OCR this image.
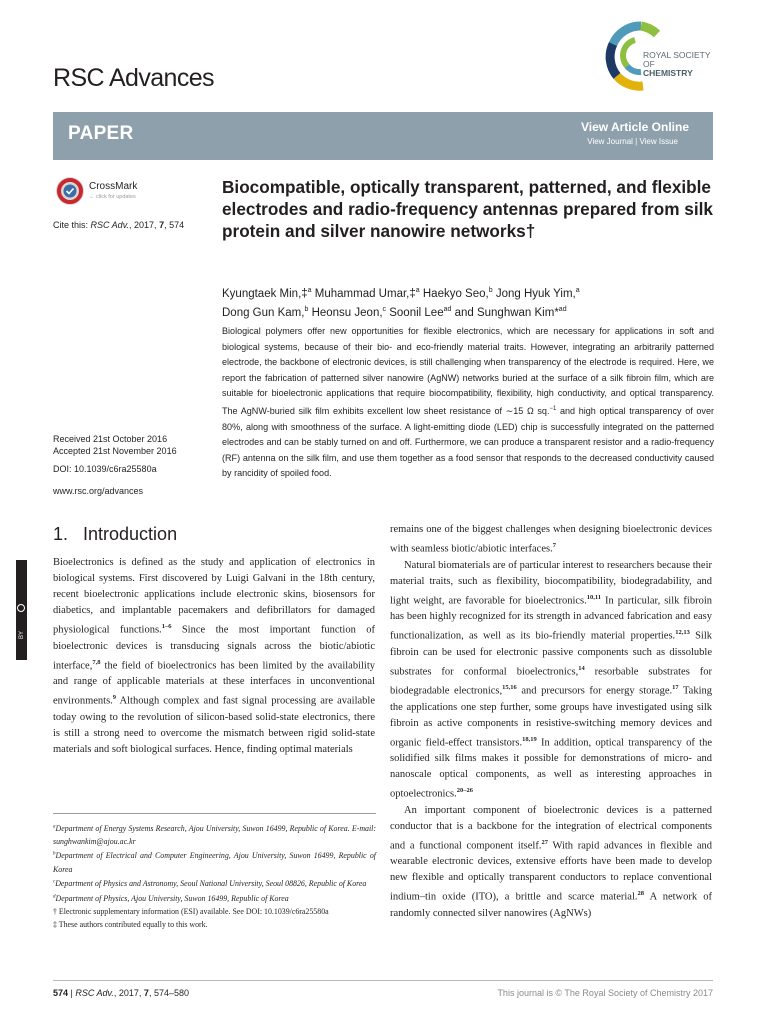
RSC Advances
ROYAL SOCIETY
OF
CHEMISTRY
PAPER	View Article Online
View Journal | View Issue
CrossMark
← click for updates
Cite this: RSC Adv., 2017, 7, 574
Received 21st October 2016
Accepted 21st November 2016
DOI: 10.1039/c6ra25580a
www.rsc.org/advances
Biocompatible, optically transparent, patterned, and flexible electrodes and radio-frequency antennas prepared from silk protein and silver nanowire networks†
Kyungtaek Min,‡$^a$ Muhammad Umar,‡$^a$ Haekyo Seo,$^b$ Jong Hyuk Yim,$^a$
Dong Gun Kam,$^b$ Heonsu Jeon,$^c$ Soonil Lee$^{ad}$ and Sunghwan Kim*$^{ad}$
Biological polymers offer new opportunities for flexible electronics, which are necessary for applications in soft and biological systems, because of their bio- and eco-friendly material traits. However, integrating an arbitrarily patterned electrode, the backbone of electronic devices, is still challenging when transparency of the electrode is required. Here, we report the fabrication of patterned silver nanowire (AgNW) networks buried at the surface of a silk fibroin film, which are suitable for bioelectronic applications that require biocompatibility, flexibility, high conductivity, and optical transparency. The AgNW-buried silk film exhibits excellent low sheet resistance of ∼15 Ω sq.$^{-1}$ and high optical transparency of over 80%, along with smoothness of the surface. A light-emitting diode (LED) chip is successfully integrated on the patterned electrodes and can be stably turned on and off. Furthermore, we can produce a transparent resistor and a radio-frequency (RF) antenna on the silk film, and use them together as a food sensor that responds to the decreased conductivity caused by rancidity of spoiled food.
BY
1.   Introduction

Bioelectronics is defined as the study and application of electronics in biological systems. First discovered by Luigi Galvani in the 18th century, recent bioelectronic applications include electronic skins, biosensors for diabetics, and implantable pacemakers and defibrillators for damaged physiological functions.$^{1-6}$ Since the most important function of bioelectronic devices is transducing signals across the biotic/abiotic interface,$^{7,8}$ the field of bioelectronics has been limited by the availability and range of applicable materials at these interfaces in unconventional environments.$^9$ Although complex and fast signal processing are available today owing to the revolution of silicon-based solid-state electronics, there is still a strong need to overcome the mismatch between rigid solid-state materials and soft biological surfaces. Hence, finding optimal materials

remains one of the biggest challenges when designing bioelectronic devices with seamless biotic/abiotic interfaces.$^7$

Natural biomaterials are of particular interest to researchers because their material traits, such as flexibility, biocompatibility, biodegradability, and light weight, are favorable for bioelectronics.$^{10,11}$ In particular, silk fibroin has been highly recognized for its strength in advanced fabrication and easy functionalization, as well as its bio-friendly material properties.$^{12,13}$ Silk fibroin can be used for electronic passive components such as dissoluble substrates for conformal bioelectronics,$^{14}$ resorbable substrates for biodegradable electronics,$^{15,16}$ and precursors for energy storage.$^{17}$ Taking the applications one step further, some groups have investigated using silk fibroin as active components in resistive-switching memory devices and organic field-effect transistors.$^{18,19}$ In addition, optical transparency of the solidified silk films makes it possible for demonstrations of micro- and nanoscale optical components, as well as interesting approaches in optoelectronics.$^{20-26}$

An important component of bioelectronic devices is a patterned conductor that is a backbone for the integration of electrical components and a functional component itself.$^{27}$ With rapid advances in flexible and wearable electronic devices, extensive efforts have been made to develop new flexible and optically transparent conductors to replace conventional indium–tin oxide (ITO), a brittle and scarce material.$^{28}$ A network of randomly connected silver nanowires (AgNWs)

$^a$Department of Energy Systems Research, Ajou University, Suwon 16499, Republic of Korea. E-mail: sunghwankim@ajou.ac.kr

$^b$Department of Electrical and Computer Engineering, Ajou University, Suwon 16499, Republic of Korea

$^c$Department of Physics and Astronomy, Seoul National University, Seoul 08826, Republic of Korea

$^d$Department of Physics, Ajou University, Suwon 16499, Republic of Korea

† Electronic supplementary information (ESI) available. See DOI: 10.1039/c6ra25580a

‡ These authors contributed equally to this work.

574 | RSC Adv., 2017, 7, 574–580	This journal is © The Royal Society of Chemistry 2017
